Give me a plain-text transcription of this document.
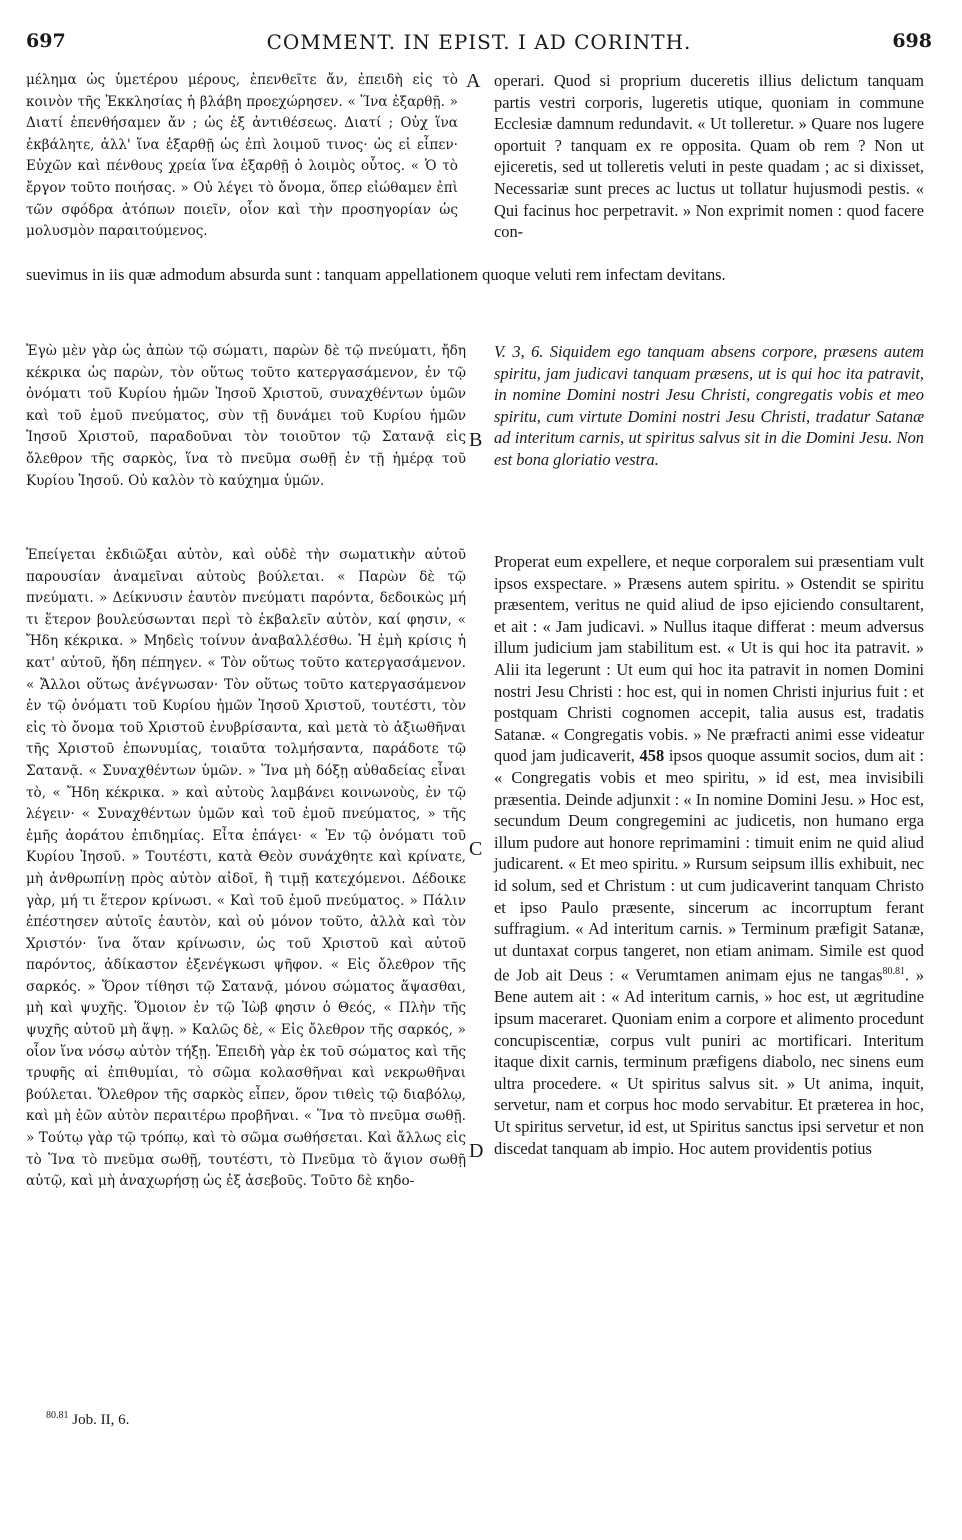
697	COMMENT. IN EPIST. I AD CORINTH.	698

μέλημα ὡς ὑμετέρου μέρους, ἐπενθεῖτε ἄν, ἐπειδὴ εἰς τὸ κοινὸν τῆς Ἐκκλησίας ἡ βλάβη προεχώρησεν. « Ἵνα ἐξαρθῇ. » Διατί ἐπενθήσαμεν ἄν ; ὡς ἐξ ἀντιθέσεως. Διατί ; Οὐχ ἵνα ἐκβάλητε, ἀλλ' ἵνα ἐξαρθῇ ὡς ἐπὶ λοιμοῦ τινος· ὡς εἰ εἶπεν· Εὐχῶν καὶ πένθους χρεία ἵνα ἐξαρθῇ ὁ λοιμὸς οὗτος. « Ὁ τὸ ἔργον τοῦτο ποιήσας. » Οὐ λέγει τὸ ὄνομα, ὅπερ εἰώθαμεν ἐπὶ τῶν σφόδρα ἀτόπων ποιεῖν, οἷον καὶ τὴν προσηγορίαν ὡς μολυσμὸν παραιτούμενος.

A operari. Quod si proprium duceretis illius delictum tanquam partis vestri corporis, lugeretis utique, quoniam in commune Ecclesiæ damnum redundavit. « Ut tolleretur. » Quare nos lugere oportuit ? tanquam ex re opposita. Quam ob rem ? Non ut ejiceretis, sed ut tolleretis veluti in peste quadam ; ac si dixisset, Necessariæ sunt preces ac luctus ut tollatur hujusmodi pestis. « Qui facinus hoc perpetravit. » Non exprimit nomen : quod facere con-

suevimus in iis quæ admodum absurda sunt : tanquam appellationem quoque veluti rem infectam devitans.

Ἐγὼ μὲν γὰρ ὡς ἀπὼν τῷ σώματι, παρὼν δὲ τῷ πνεύματι, ἤδη κέκρικα ὡς παρὼν, τὸν οὕτως τοῦτο κατεργασάμενον, ἐν τῷ ὀνόματι τοῦ Κυρίου ἡμῶν Ἰησοῦ Χριστοῦ, συναχθέντων ὑμῶν καὶ τοῦ ἐμοῦ πνεύματος, σὺν τῇ δυνάμει τοῦ Κυρίου ἡμῶν Ἰησοῦ Χριστοῦ, παραδοῦναι τὸν τοιοῦτον τῷ Σατανᾷ εἰς ὄλεθρον τῆς σαρκὸς, ἵνα τὸ πνεῦμα σωθῇ ἐν τῇ ἡμέρᾳ τοῦ Κυρίου Ἰησοῦ. Οὐ καλὸν τὸ καύχημα ὑμῶν.

B

V. 3, 6. Siquidem ego tanquam absens corpore, præsens autem spiritu, jam judicavi tanquam præsens, ut is qui hoc ita patravit, in nomine Domini nostri Jesu Christi, congregatis vobis et meo spiritu, cum virtute Domini nostri Jesu Christi, tradatur Satanæ ad interitum carnis, ut spiritus salvus sit in die Domini Jesu. Non est bona gloriatio vestra.

Ἐπείγεται ἐκδιῶξαι αὐτὸν, καὶ οὐδὲ τὴν σωματικὴν αὐτοῦ παρουσίαν ἀναμεῖναι αὐτοὺς βούλεται. « Παρὼν δὲ τῷ πνεύματι. » Δείκνυσιν ἑαυτὸν πνεύματι παρόντα, δεδοικὼς μή τι ἕτερον βουλεύσωνται περὶ τὸ ἐκβαλεῖν αὐτὸν, καί φησιν, « Ἤδη κέκρικα. » Μηδεὶς τοίνυν ἀναβαλλέσθω. Ἡ ἐμὴ κρίσις ἡ κατ' αὐτοῦ, ἤδη πέπηγεν. « Τὸν οὕτως τοῦτο κατεργασάμενον. « Ἄλλοι οὕτως ἀνέγνωσαν· Τὸν οὕτως τοῦτο κατεργασάμενον ἐν τῷ ὀνόματι τοῦ Κυρίου ἡμῶν Ἰησοῦ Χριστοῦ, τουτέστι, τὸν εἰς τὸ ὄνομα τοῦ Χριστοῦ ἐνυβρίσαντα, καὶ μετὰ τὸ ἀξιωθῆναι τῆς Χριστοῦ ἐπωνυμίας, τοιαῦτα τολμήσαντα, παράδοτε τῷ Σατανᾷ. « Συναχθέντων ὑμῶν. » Ἵνα μὴ δόξῃ αὐθαδείας εἶναι τὸ, « Ἤδη κέκρικα. » καὶ αὐτοὺς λαμβάνει κοινωνοὺς, ἐν τῷ λέγειν· « Συναχθέντων ὑμῶν καὶ τοῦ ἐμοῦ πνεύματος, » τῆς ἐμῆς ἀοράτου ἐπιδημίας. Εἶτα ἐπάγει· « Ἐν τῷ ὀνόματι τοῦ Κυρίου Ἰησοῦ. » Τουτέστι, κατὰ Θεὸν συνάχθητε καὶ κρίνατε, μὴ ἀνθρωπίνῃ πρὸς αὐτὸν αἰδοῖ, ἢ τιμῇ κατεχόμενοι. Δέδοικε γὰρ, μή τι ἕτερον κρίνωσι. « Καὶ τοῦ ἐμοῦ πνεύματος. » Πάλιν ἐπέστησεν αὐτοῖς ἑαυτὸν, καὶ οὐ μόνον τοῦτο, ἀλλὰ καὶ τὸν Χριστόν· ἵνα ὅταν κρίνωσιν, ὡς τοῦ Χριστοῦ καὶ αὐτοῦ παρόντος, ἀδίκαστον ἐξενέγκωσι ψῆφον. « Εἰς ὄλεθρον τῆς σαρκός. » Ὅρον τίθησι τῷ Σατανᾷ, μόνου σώματος ἅψασθαι, μὴ καὶ ψυχῆς. Ὅμοιον ἐν τῷ Ἰὼβ φησιν ὁ Θεός, « Πλὴν τῆς ψυχῆς αὐτοῦ μὴ ἅψῃ. » Καλῶς δὲ, « Εἰς ὄλεθρον τῆς σαρκός, » οἷον ἵνα νόσῳ αὐτὸν τήξῃ. Ἐπειδὴ γὰρ ἐκ τοῦ σώματος καὶ τῆς τρυφῆς αἱ ἐπιθυμίαι, τὸ σῶμα κολασθῆναι καὶ νεκρωθῆναι βούλεται. Ὄλεθρον τῆς σαρκὸς εἶπεν, ὅρον τιθεὶς τῷ διαβόλῳ, καὶ μὴ ἐῶν αὐτὸν περαιτέρω προβῆναι. « Ἵνα τὸ πνεῦμα σωθῇ. » Τούτῳ γὰρ τῷ τρόπῳ, καὶ τὸ σῶμα σωθήσεται. Καὶ ἄλλως εἰς τὸ Ἵνα τὸ πνεῦμα σωθῇ, τουτέστι, τὸ Πνεῦμα τὸ ἅγιον σωθῇ αὐτῷ, καὶ μὴ ἀναχωρήσῃ ὡς ἐξ ἀσεβοῦς. Τοῦτο δὲ κηδο-

C
D

Properat eum expellere, et neque corporalem sui præsentiam vult ipsos exspectare. » Præsens autem spiritu. » Ostendit se spiritu præsentem, veritus ne quid aliud de ipso ejiciendo consultarent, et ait : « Jam judicavi. » Nullus itaque differat : meum adversus illum judicium jam stabilitum est. « Ut is qui hoc ita patravit. » Alii ita legerunt : Ut eum qui hoc ita patravit in nomen Domini nostri Jesu Christi : hoc est, qui in nomen Christi injurius fuit : et postquam Christi cognomen accepit, talia ausus est, tradatis Satanæ. « Congregatis vobis. » Ne præfracti animi esse videatur quod jam judicaverit, 458 ipsos quoque assumit socios, dum ait : « Congregatis vobis et meo spiritu, » id est, mea invisibili præsentia. Deinde adjunxit : « In nomine Domini Jesu. » Hoc est, secundum Deum congregemini ac judicetis, non humano erga illum pudore aut honore reprimamini : timuit enim ne quid aliud judicarent. « Et meo spiritu. » Rursum seipsum illis exhibuit, nec id solum, sed et Christum : ut cum judicaverint tanquam Christo et ipso Paulo præsente, sincerum ac incorruptum ferant suffragium. « Ad interitum carnis. » Terminum præfigit Satanæ, ut duntaxat corpus tangeret, non etiam animam. Simile est quod de Job ait Deus : « Verumtamen animam ejus ne tangas$^{80.81}$. » Bene autem ait : « Ad interitum carnis, » hoc est, ut ægritudine ipsum maceraret. Quoniam enim a corpore et alimento procedunt concupiscentiæ, corpus vult puniri ac mortificari. Interitum itaque dixit carnis, terminum præfigens diabolo, nec sinens eum ultra procedere. « Ut spiritus salvus sit. » Ut anima, inquit, servetur, nam et corpus hoc modo servabitur. Et præterea in hoc, Ut spiritus servetur, id est, ut Spiritus sanctus ipsi servetur et non discedat tanquam ab impio. Hoc autem providentis potius

$^{80.81}$ Job. II, 6.
